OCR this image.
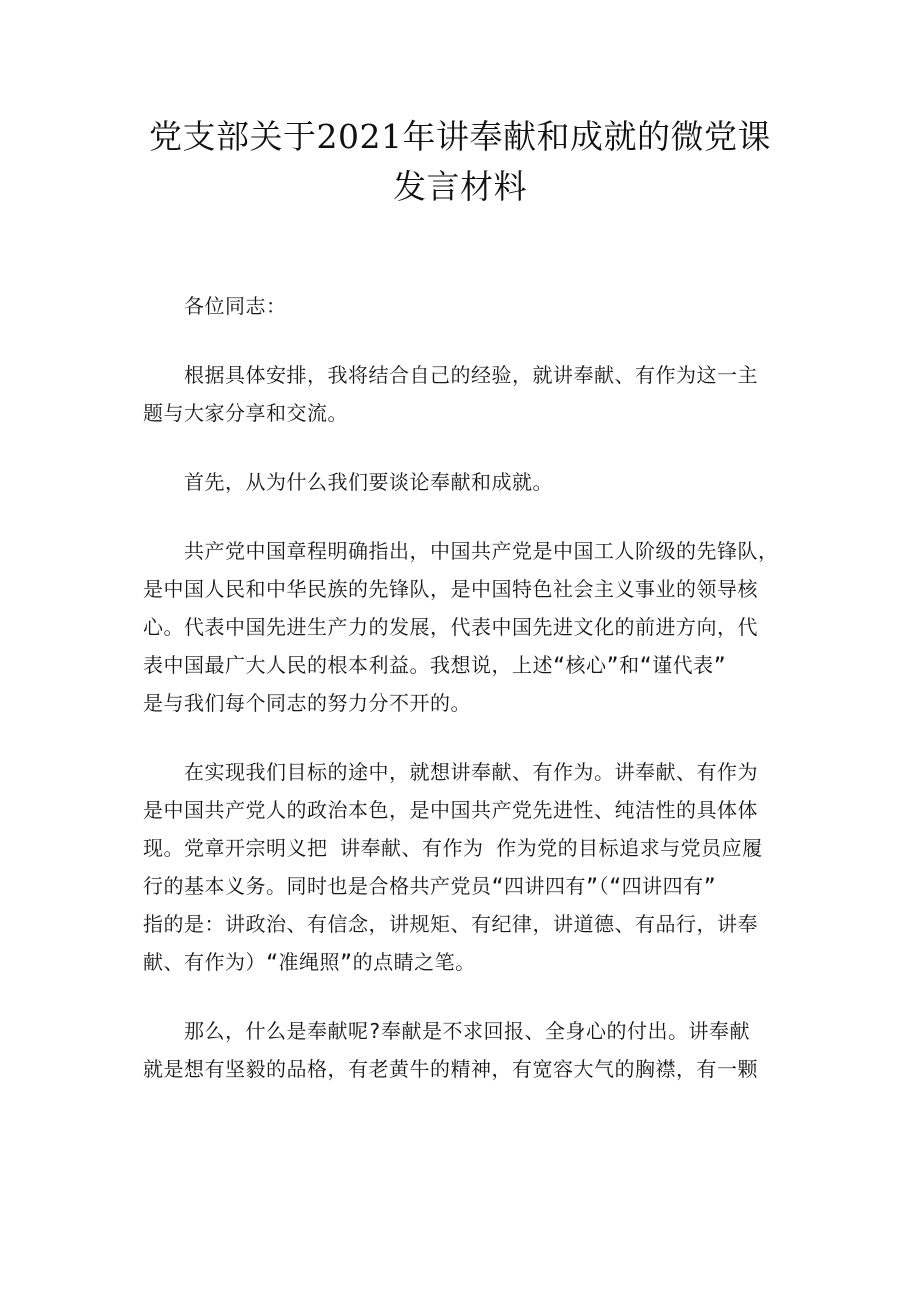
党支部关于2021年讲奉献和成就的微党课
发言材料
各位同志：
根据具体安排，我将结合自己的经验，就讲奉献、有作为这一主
题与大家分享和交流。
首先，从为什么我们要谈论奉献和成就。
共产党中国章程明确指出，中国共产党是中国工人阶级的先锋队，
是中国人民和中华民族的先锋队，是中国特色社会主义事业的领导核
心。代表中国先进生产力的发展，代表中国先进文化的前进方向，代
表中国最广大人民的根本利益。我想说，上述“核心”和“谨代表”
是与我们每个同志的努力分不开的。
在实现我们目标的途中，就想讲奉献、有作为。讲奉献、有作为
是中国共产党人的政治本色，是中国共产党先进性、纯洁性的具体体
现。党章开宗明义把 讲奉献、有作为 作为党的目标追求与党员应履
行的基本义务。同时也是合格共产党员“四讲四有”（“四讲四有”
指的是：讲政治、有信念，讲规矩、有纪律，讲道德、有品行，讲奉
献、有作为）“准绳照”的点睛之笔。
那么，什么是奉献呢?奉献是不求回报、全身心的付出。讲奉献
就是想有坚毅的品格，有老黄牛的精神，有宽容大气的胸襟，有一颗
